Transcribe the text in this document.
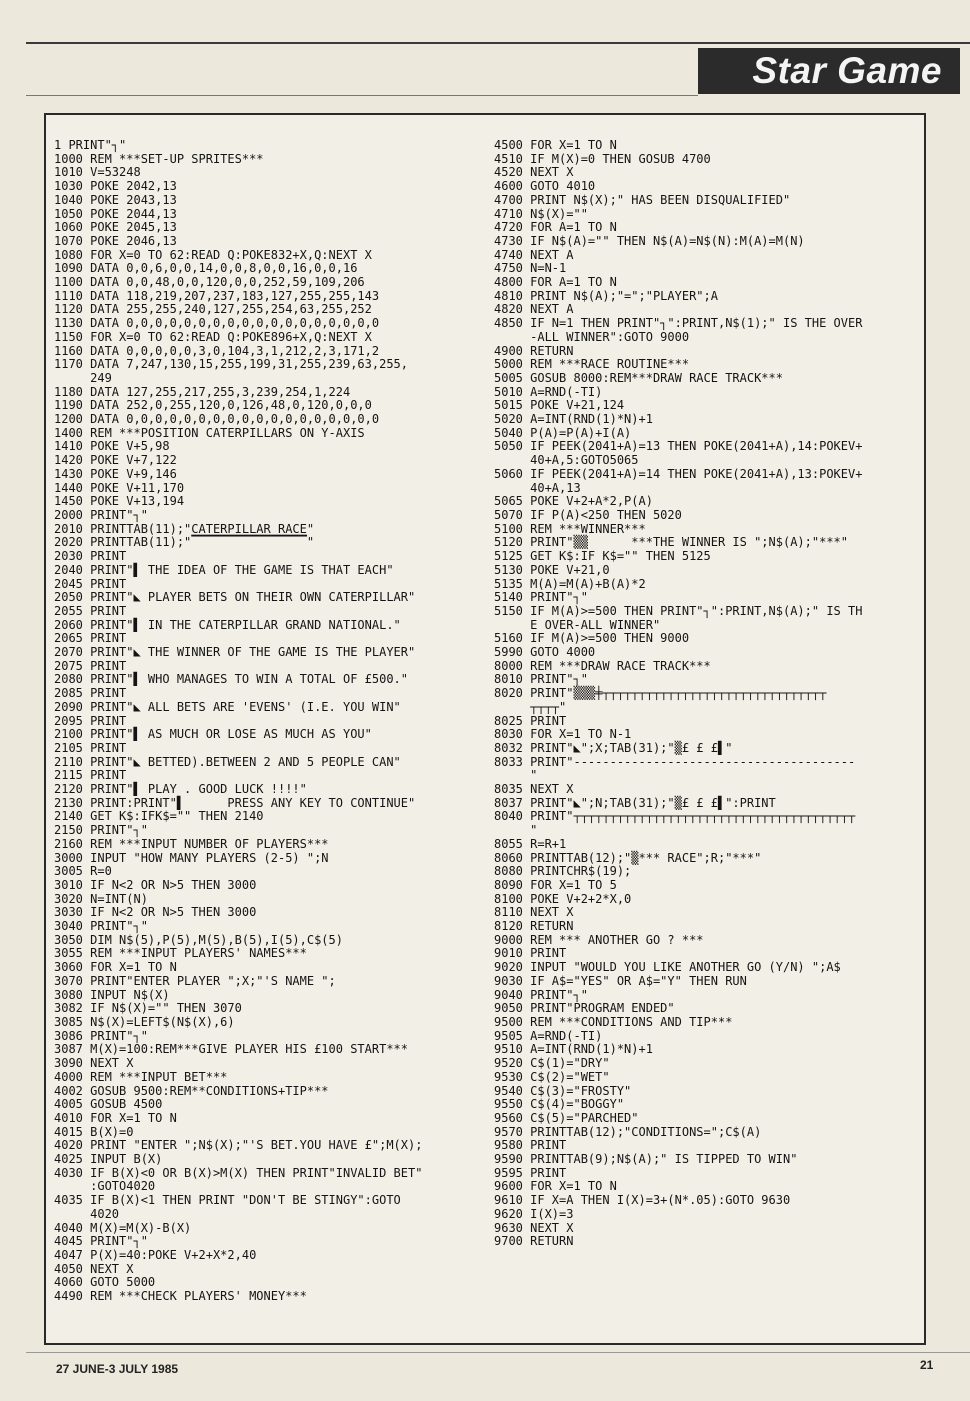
Star Game
1 PRINT"┐"
1000 REM ***SET-UP SPRITES***
1010 V=53248
1030 POKE 2042,13
1040 POKE 2043,13
1050 POKE 2044,13
1060 POKE 2045,13
1070 POKE 2046,13
1080 FOR X=0 TO 62:READ Q:POKE832+X,Q:NEXT X
1090 DATA 0,0,6,0,0,14,0,0,8,0,0,16,0,0,16
1100 DATA 0,0,48,0,0,120,0,0,252,59,109,206
1110 DATA 118,219,207,237,183,127,255,255,143
1120 DATA 255,255,240,127,255,254,63,255,252
1130 DATA 0,0,0,0,0,0,0,0,0,0,0,0,0,0,0,0,0,0
1150 FOR X=0 TO 62:READ Q:POKE896+X,Q:NEXT X
1160 DATA 0,0,0,0,0,3,0,104,3,1,212,2,3,171,2
1170 DATA 7,247,130,15,255,199,31,255,239,63,255,
249
1180 DATA 127,255,217,255,3,239,254,1,224
1190 DATA 252,0,255,120,0,126,48,0,120,0,0,0
1200 DATA 0,0,0,0,0,0,0,0,0,0,0,0,0,0,0,0,0,0
1400 REM ***POSITION CATERPILLARS ON Y-AXIS
1410 POKE V+5,98
1420 POKE V+7,122
1430 POKE V+9,146
1440 POKE V+11,170
1450 POKE V+13,194
2000 PRINT"┐"
2010 PRINTTAB(11);"CATERPILLAR RACE"
2020 PRINTTAB(11);"▔▔▔▔▔▔▔▔▔▔▔▔▔▔▔▔"
2030 PRINT
2040 PRINT"▌ THE IDEA OF THE GAME IS THAT EACH"
2045 PRINT
2050 PRINT"◣ PLAYER BETS ON THEIR OWN CATERPILLAR"
2055 PRINT
2060 PRINT"▌ IN THE CATERPILLAR GRAND NATIONAL."
2065 PRINT
2070 PRINT"◣ THE WINNER OF THE GAME IS THE PLAYER"
2075 PRINT
2080 PRINT"▌ WHO MANAGES TO WIN A TOTAL OF £500."
2085 PRINT
2090 PRINT"◣ ALL BETS ARE 'EVENS' (I.E. YOU WIN"
2095 PRINT
2100 PRINT"▌ AS MUCH OR LOSE AS MUCH AS YOU"
2105 PRINT
2110 PRINT"◣ BETTED).BETWEEN 2 AND 5 PEOPLE CAN"
2115 PRINT
2120 PRINT"▌ PLAY . GOOD LUCK !!!!"
2130 PRINT:PRINT"▌      PRESS ANY KEY TO CONTINUE"
2140 GET K$:IFK$="" THEN 2140
2150 PRINT"┐"
2160 REM ***INPUT NUMBER OF PLAYERS***
3000 INPUT "HOW MANY PLAYERS (2-5) ";N
3005 R=0
3010 IF N<2 OR N>5 THEN 3000
3020 N=INT(N)
3030 IF N<2 OR N>5 THEN 3000
3040 PRINT"┐"
3050 DIM N$(5),P(5),M(5),B(5),I(5),C$(5)
3055 REM ***INPUT PLAYERS' NAMES***
3060 FOR X=1 TO N
3070 PRINT"ENTER PLAYER ";X;"'S NAME ";
3080 INPUT N$(X)
3082 IF N$(X)="" THEN 3070
3085 N$(X)=LEFT$(N$(X),6)
3086 PRINT"┐"
3087 M(X)=100:REM***GIVE PLAYER HIS £100 START***
3090 NEXT X
4000 REM ***INPUT BET***
4002 GOSUB 9500:REM**CONDITIONS+TIP***
4005 GOSUB 4500
4010 FOR X=1 TO N
4015 B(X)=0
4020 PRINT "ENTER ";N$(X);"'S BET.YOU HAVE £";M(X);
4025 INPUT B(X)
4030 IF B(X)<0 OR B(X)>M(X) THEN PRINT"INVALID BET"
:GOTO4020
4035 IF B(X)<1 THEN PRINT "DON'T BE STINGY":GOTO
4020
4040 M(X)=M(X)-B(X)
4045 PRINT"┐"
4047 P(X)=40:POKE V+2+X*2,40
4050 NEXT X
4060 GOTO 5000
4490 REM ***CHECK PLAYERS' MONEY***
4500 FOR X=1 TO N
4510 IF M(X)=0 THEN GOSUB 4700
4520 NEXT X
4600 GOTO 4010
4700 PRINT N$(X);" HAS BEEN DISQUALIFIED"
4710 N$(X)=""
4720 FOR A=1 TO N
4730 IF N$(A)="" THEN N$(A)=N$(N):M(A)=M(N)
4740 NEXT A
4750 N=N-1
4800 FOR A=1 TO N
4810 PRINT N$(A);"=";"PLAYER";A
4820 NEXT A
4850 IF N=1 THEN PRINT"┐":PRINT,N$(1);" IS THE OVER
-ALL WINNER":GOTO 9000
4900 RETURN
5000 REM ***RACE ROUTINE***
5005 GOSUB 8000:REM***DRAW RACE TRACK***
5010 A=RND(-TI)
5015 POKE V+21,124
5020 A=INT(RND(1)*N)+1
5040 P(A)=P(A)+I(A)
5050 IF PEEK(2041+A)=13 THEN POKE(2041+A),14:POKEV+
40+A,5:GOTO5065
5060 IF PEEK(2041+A)=14 THEN POKE(2041+A),13:POKEV+
40+A,13
5065 POKE V+2+A*2,P(A)
5070 IF P(A)<250 THEN 5020
5100 REM ***WINNER***
5120 PRINT"▒▒      ***THE WINNER IS ";N$(A);"***"
5125 GET K$:IF K$="" THEN 5125
5130 POKE V+21,0
5135 M(A)=M(A)+B(A)*2
5140 PRINT"┐"
5150 IF M(A)>=500 THEN PRINT"┐":PRINT,N$(A);" IS TH
E OVER-ALL WINNER"
5160 IF M(A)>=500 THEN 9000
5990 GOTO 4000
8000 REM ***DRAW RACE TRACK***
8010 PRINT"┐"
8020 PRINT"▒▒▒╪┬┬┬┬┬┬┬┬┬┬┬┬┬┬┬┬┬┬┬┬┬┬┬┬┬┬┬┬┬┬┬
┬┬┬┬"
8025 PRINT
8030 FOR X=1 TO N-1
8032 PRINT"◣";X;TAB(31);"▒£ £ £▌"
8033 PRINT"---------------------------------------
"
8035 NEXT X
8037 PRINT"◣";N;TAB(31);"▒£ £ £▌":PRINT
8040 PRINT"┬┬┬┬┬┬┬┬┬┬┬┬┬┬┬┬┬┬┬┬┬┬┬┬┬┬┬┬┬┬┬┬┬┬┬┬┬┬┬
"
8055 R=R+1
8060 PRINTTAB(12);"▒*** RACE";R;"***"
8080 PRINTCHR$(19);
8090 FOR X=1 TO 5
8100 POKE V+2+2*X,0
8110 NEXT X
8120 RETURN
9000 REM *** ANOTHER GO ? ***
9010 PRINT
9020 INPUT "WOULD YOU LIKE ANOTHER GO (Y/N) ";A$
9030 IF A$="YES" OR A$="Y" THEN RUN
9040 PRINT"┐"
9050 PRINT"PROGRAM ENDED"
9500 REM ***CONDITIONS AND TIP***
9505 A=RND(-TI)
9510 A=INT(RND(1)*N)+1
9520 C$(1)="DRY"
9530 C$(2)="WET"
9540 C$(3)="FROSTY"
9550 C$(4)="BOGGY"
9560 C$(5)="PARCHED"
9570 PRINTTAB(12);"CONDITIONS=";C$(A)
9580 PRINT
9590 PRINTTAB(9);N$(A);" IS TIPPED TO WIN"
9595 PRINT
9600 FOR X=1 TO N
9610 IF X=A THEN I(X)=3+(N*.05):GOTO 9630
9620 I(X)=3
9630 NEXT X
9700 RETURN
27 JUNE-3 JULY 1985	21
